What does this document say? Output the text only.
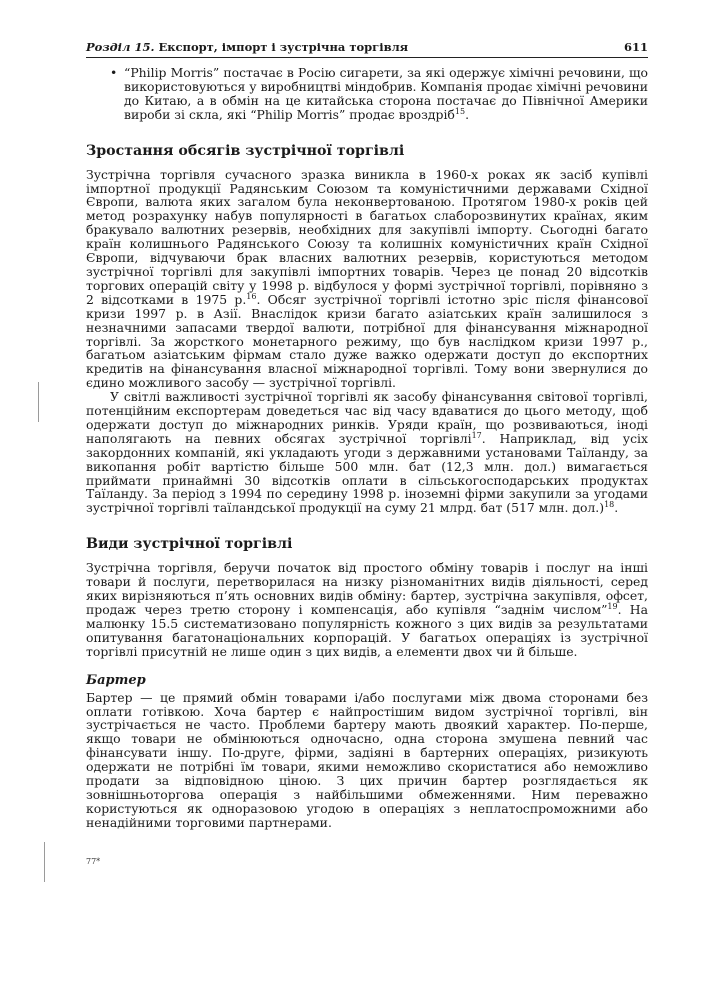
Розділ 15. Експорт, імпорт і зустрічна торгівля	611
• “Philip Morris” постачає в Росію сигарети, за які одержує хімічні речовини, що використовуються у виробництві міндобрив. Компанія продає хімічні речовини до Китаю, а в обмін на це китайська сторона постачає до Північної Америки вироби зі скла, які “Philip Morris” продає вроздріб$^{15}$.

Зростання обсягів зустрічної торгівлі

Зустрічна торгівля сучасного зразка виникла в 1960-х роках як засіб купівлі імпортної продукції Радянським Союзом та комуністичними державами Східної Європи, валюта яких загалом була неконвертованою. Протягом 1980-х років цей метод розрахунку набув популярності в багатьох слаборозвинутих країнах, яким бракувало валютних резервів, необхідних для закупівлі імпорту. Сьогодні багато країн колишнього Радянського Союзу та колишніх комуністичних країн Східної Європи, відчуваючи брак власних валютних резервів, користуються методом зустрічної торгівлі для закупівлі імпортних товарів. Через це понад 20 відсотків торгових операцій світу у 1998 р. відбулося у формі зустрічної торгівлі, порівняно з 2 відсотками в 1975 р.$^{16}$. Обсяг зустрічної торгівлі істотно зріс після фінансової кризи 1997 р. в Азії. Внаслідок кризи багато азіатських країн залишилося з незначними запасами твердої валюти, потрібної для фінансування міжнародної торгівлі. За жорсткого монетарного режиму, що був наслідком кризи 1997 р., багатьом азіатським фірмам стало дуже важко одержати доступ до експортних кредитів на фінансування власної міжнародної торгівлі. Тому вони звернулися до єдино можливого засобу — зустрічної торгівлі.

У світлі важливості зустрічної торгівлі як засобу фінансування світової торгівлі, потенційним експортерам доведеться час від часу вдаватися до цього методу, щоб одержати доступ до міжнародних ринків. Уряди країн, що розвиваються, іноді наполягають на певних обсягах зустрічної торгівлі$^{17}$. Наприклад, від усіх закордонних компаній, які укладають угоди з державними установами Таїланду, за викопання робіт вартістю більше 500 млн. бат (12,3 млн. дол.) вимагається приймати принаймні 30 відсотків оплати в сільськогосподарських продуктах Таїланду. За період з 1994 по середину 1998 р. іноземні фірми закупили за угодами зустрічної торгівлі таїландської продукції на суму 21 млрд. бат (517 млн. дол.)$^{18}$.

Види зустрічної торгівлі

Зустрічна торгівля, беручи початок від простого обміну товарів і послуг на інші товари й послуги, перетворилася на низку різноманітних видів діяльності, серед яких вирізняються п’ять основних видів обміну: бартер, зустрічна закупівля, офсет, продаж через третю сторону і компенсація, або купівля “заднім числом”$^{19}$. На малюнку 15.5 систематизовано популярність кожного з цих видів за результатами опитування багатонаціональних корпорацій. У багатьох операціях із зустрічної торгівлі присутній не лише один з цих видів, а елементи двох чи й більше.

Бартер

Бартер — це прямий обмін товарами і/або послугами між двома сторонами без оплати готівкою. Хоча бартер є найпростішим видом зустрічної торгівлі, він зустрічається не часто. Проблеми бартеру мають двоякий характер. По-перше, якщо товари не обмінюються одночасно, одна сторона змушена певний час фінансувати іншу. По-друге, фірми, задіяні в бартерних операціях, ризикують одержати не потрібні їм товари, якими неможливо скористатися або неможливо продати за відповідною ціною. З цих причин бартер розглядається як зовнішньоторгова операція з найбільшими обмеженнями. Ним переважно користуються як одноразовою угодою в операціях з неплатоспроможними або ненадійними торговими партнерами.

77*
